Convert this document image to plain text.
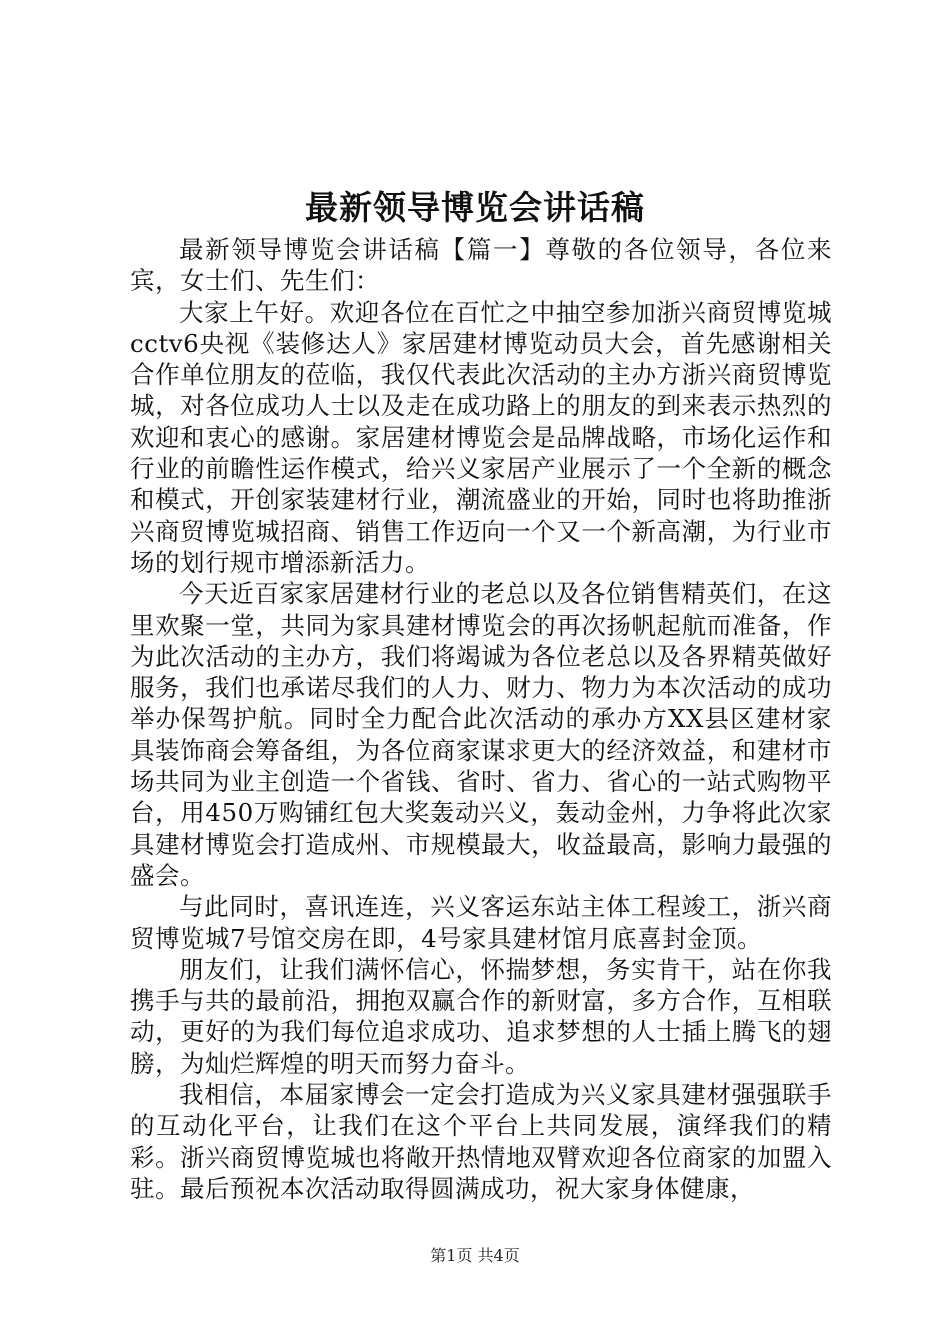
最新领导博览会讲话稿

最新领导博览会讲话稿【篇一】尊敬的各位领导，各位来宾，女士们、先生们：

大家上午好。欢迎各位在百忙之中抽空参加浙兴商贸博览城cctv6央视《装修达人》家居建材博览动员大会，首先感谢相关合作单位朋友的莅临，我仅代表此次活动的主办方浙兴商贸博览城，对各位成功人士以及走在成功路上的朋友的到来表示热烈的欢迎和衷心的感谢。家居建材博览会是品牌战略，市场化运作和行业的前瞻性运作模式，给兴义家居产业展示了一个全新的概念和模式，开创家装建材行业，潮流盛业的开始，同时也将助推浙兴商贸博览城招商、销售工作迈向一个又一个新高潮，为行业市场的划行规市增添新活力。

今天近百家家居建材行业的老总以及各位销售精英们，在这里欢聚一堂，共同为家具建材博览会的再次扬帆起航而准备，作为此次活动的主办方，我们将竭诚为各位老总以及各界精英做好服务，我们也承诺尽我们的人力、财力、物力为本次活动的成功举办保驾护航。同时全力配合此次活动的承办方XX县区建材家具装饰商会筹备组，为各位商家谋求更大的经济效益，和建材市场共同为业主创造一个省钱、省时、省力、省心的一站式购物平台，用450万购铺红包大奖轰动兴义，轰动金州，力争将此次家具建材博览会打造成州、市规模最大，收益最高，影响力最强的盛会。

与此同时，喜讯连连，兴义客运东站主体工程竣工，浙兴商贸博览城7号馆交房在即，4号家具建材馆月底喜封金顶。

朋友们，让我们满怀信心，怀揣梦想，务实肯干，站在你我携手与共的最前沿，拥抱双赢合作的新财富，多方合作，互相联动，更好的为我们每位追求成功、追求梦想的人士插上腾飞的翅膀，为灿烂辉煌的明天而努力奋斗。

我相信，本届家博会一定会打造成为兴义家具建材强强联手的互动化平台，让我们在这个平台上共同发展，演绎我们的精彩。浙兴商贸博览城也将敞开热情地双臂欢迎各位商家的加盟入驻。最后预祝本次活动取得圆满成功，祝大家身体健康，

第1页 共4页
